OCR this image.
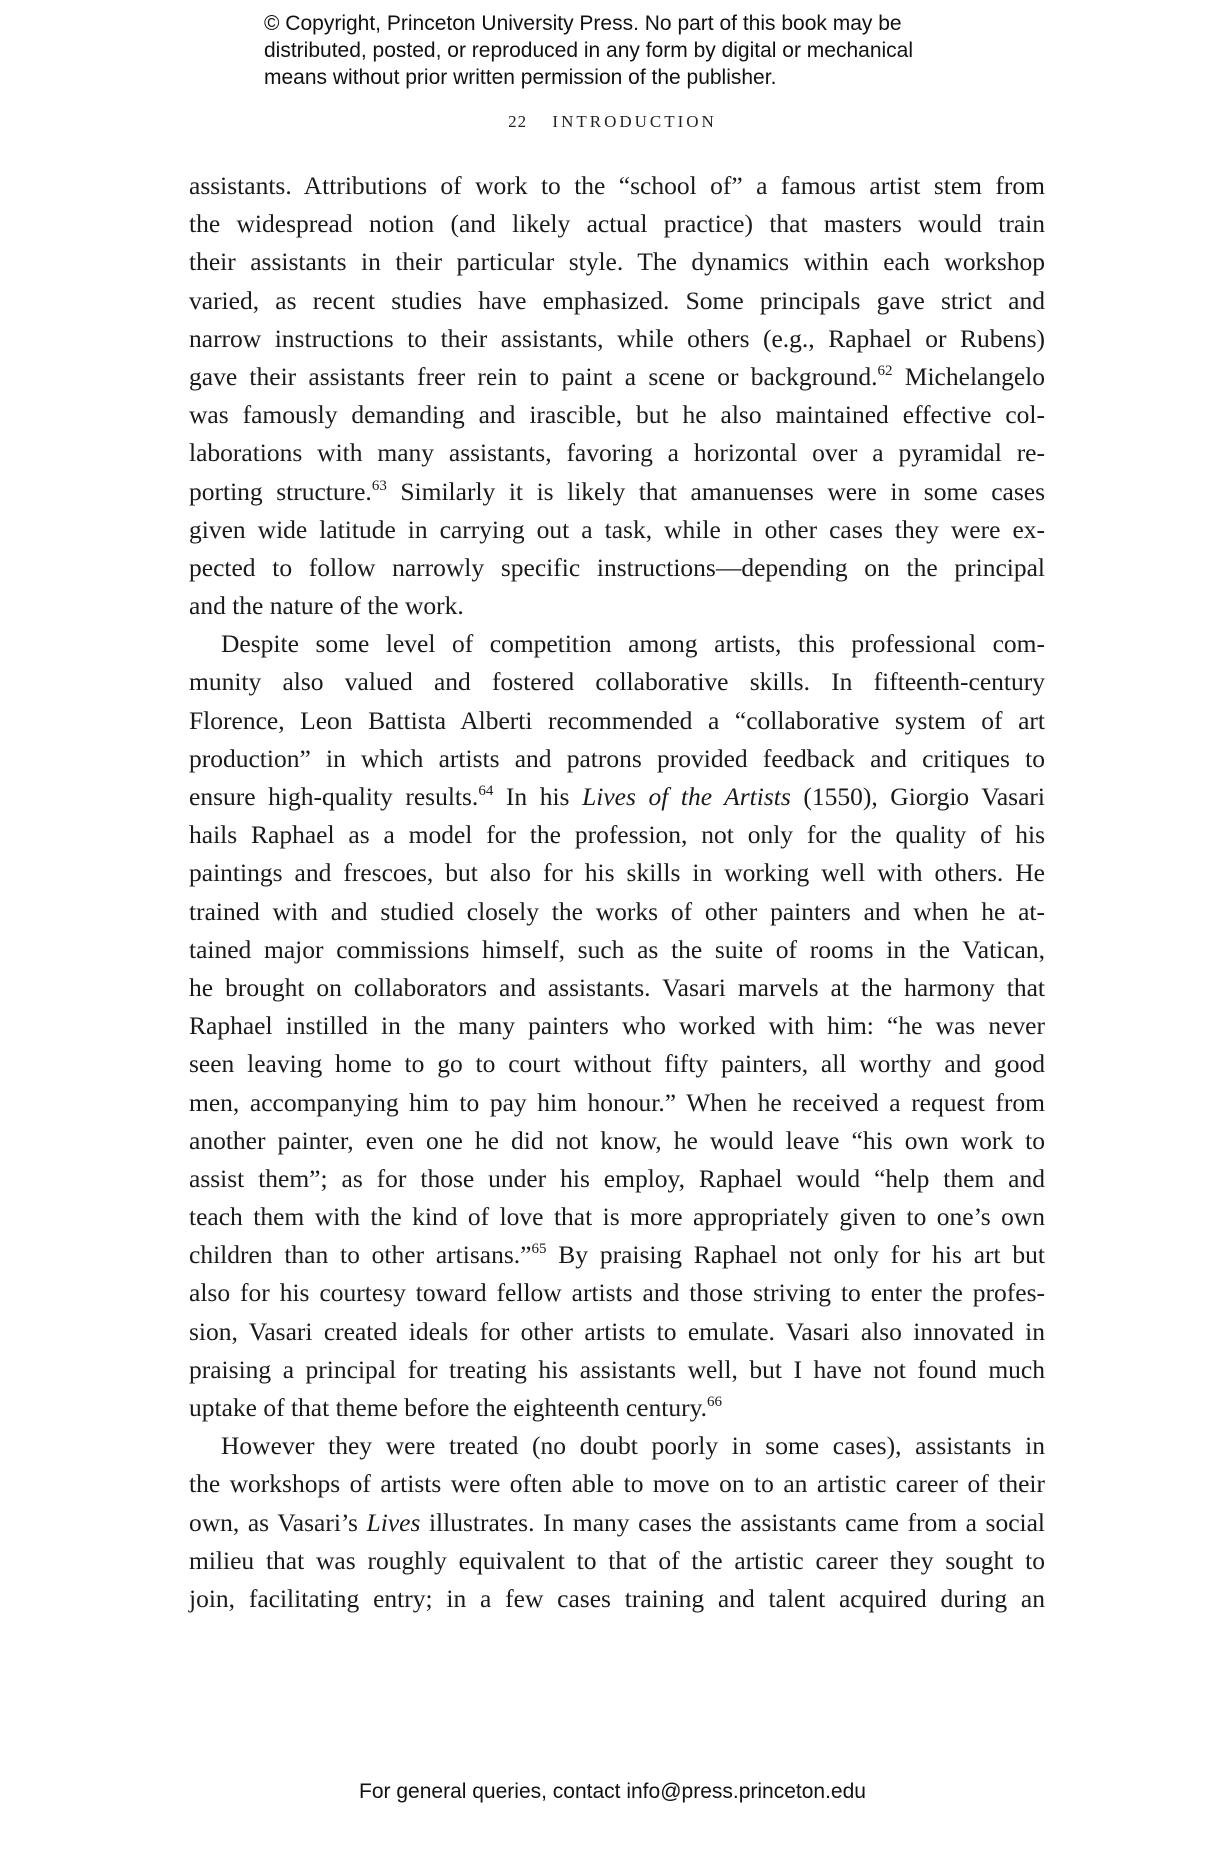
© Copyright, Princeton University Press. No part of this book may be
distributed, posted, or reproduced in any form by digital or mechanical
means without prior written permission of the publisher.
22 INTRODUCTION
assistants. Attributions of work to the “school of” a famous artist stem from
the widespread notion (and likely actual practice) that masters would train
their assistants in their particular style. The dynamics within each workshop
varied, as recent studies have emphasized. Some principals gave strict and
narrow instructions to their assistants, while others (e.g., Raphael or Rubens)
gave their assistants freer rein to paint a scene or background.$^{62}$ Michelangelo
was famously demanding and irascible, but he also maintained effective col-
laborations with many assistants, favoring a horizontal over a pyramidal re-
porting structure.$^{63}$ Similarly it is likely that amanuenses were in some cases
given wide latitude in carrying out a task, while in other cases they were ex-
pected to follow narrowly specific instructions—depending on the principal
and the nature of the work.
Despite some level of competition among artists, this professional com-
munity also valued and fostered collaborative skills. In fifteenth-century
Florence, Leon Battista Alberti recommended a “collaborative system of art
production” in which artists and patrons provided feedback and critiques to
ensure high-quality results.$^{64}$ In his Lives of the Artists (1550), Giorgio Vasari
hails Raphael as a model for the profession, not only for the quality of his
paintings and frescoes, but also for his skills in working well with others. He
trained with and studied closely the works of other painters and when he at-
tained major commissions himself, such as the suite of rooms in the Vatican,
he brought on collaborators and assistants. Vasari marvels at the harmony that
Raphael instilled in the many painters who worked with him: “he was never
seen leaving home to go to court without fifty painters, all worthy and good
men, accompanying him to pay him honour.” When he received a request from
another painter, even one he did not know, he would leave “his own work to
assist them”; as for those under his employ, Raphael would “help them and
teach them with the kind of love that is more appropriately given to one’s own
children than to other artisans.”$^{65}$ By praising Raphael not only for his art but
also for his courtesy toward fellow artists and those striving to enter the profes-
sion, Vasari created ideals for other artists to emulate. Vasari also innovated in
praising a principal for treating his assistants well, but I have not found much
uptake of that theme before the eighteenth century.$^{66}$
However they were treated (no doubt poorly in some cases), assistants in
the workshops of artists were often able to move on to an artistic career of their
own, as Vasari’s Lives illustrates. In many cases the assistants came from a social
milieu that was roughly equivalent to that of the artistic career they sought to
join, facilitating entry; in a few cases training and talent acquired during an
For general queries, contact info@press.princeton.edu
